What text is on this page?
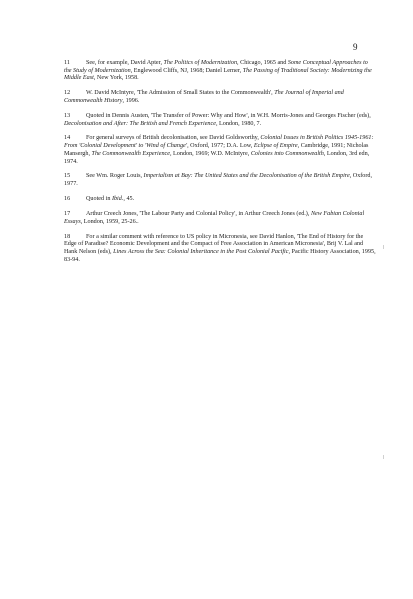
9

11	See, for example, David Apter, The Politics of Modernization, Chicago, 1965 and Some Conceptual Approaches to the Study of Modernization, Englewood Cliffs, NJ, 1968; Daniel Lerner, The Passing of Traditional Society: Modernizing the Middle East, New York, 1958.

12	W. David McIntyre, 'The Admission of Small States to the Commonwealth', The Journal of Imperial and Commonwealth History, 1996.

13	Quoted in Dennis Austen, 'The Transfer of Power: Why and How', in W.H. Morris-Jones and Georges Fischer (eds), Decolonisation and After: The British and French Experience, London, 1980, 7.

14	For general surveys of British decolonisation, see David Goldsworthy, Colonial Issues in British Politics 1945-1961: From 'Colonial Development' to 'Wind of Change', Oxford, 1977; D.A. Low, Eclipse of Empire, Cambridge, 1991; Nicholas Mansergh, The Commonwealth Experience, London, 1969; W.D. McIntyre, Colonies into Commonwealth, London, 3rd edn, 1974.

15	See Wm. Roger Louis, Imperialism at Bay: The United States and the Decolonisation of the British Empire, Oxford, 1977.

16	Quoted in Ibid., 45.

17	Arthur Creech Jones, 'The Labour Party and Colonial Policy', in Arthur Creech Jones (ed.), New Fabian Colonial Essays, London, 1959, 25-26..

18	For a similar comment with reference to US policy in Micronesia, see David Hanlon, 'The End of History for the Edge of Paradise? Economic Development and the Compact of Free Association in American Micronesia', Brij V. Lal and Hank Nelson (eds), Lines Across the Sea: Colonial Inheritance in the Post Colonial Pacific, Pacific History Association, 1995, 83-94.
